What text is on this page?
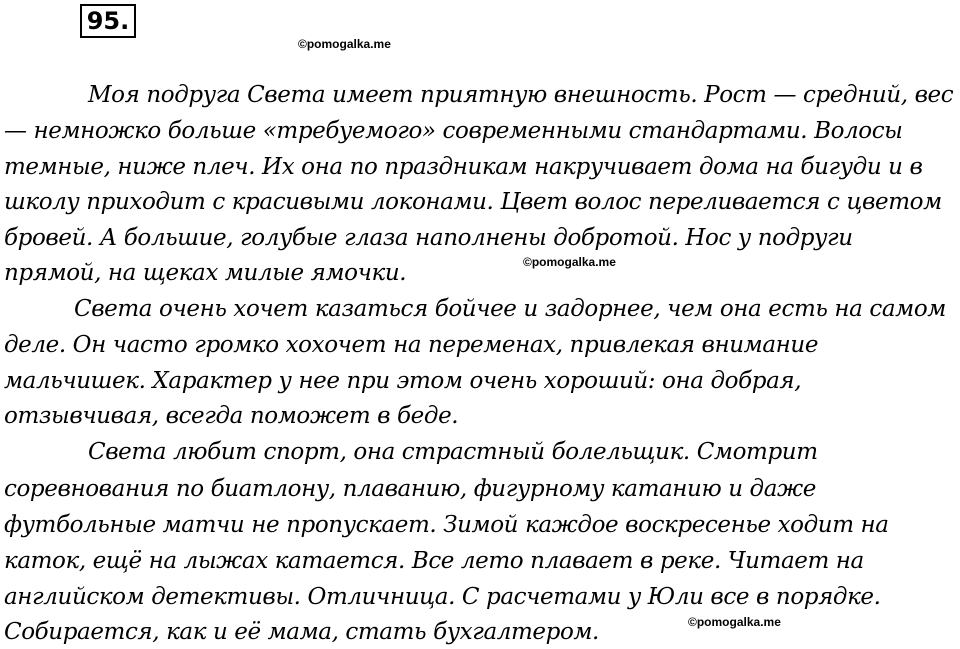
95.
©pomogalka.me
©pomogalka.me
©pomogalka.me
Моя подруга Света имеет приятную внешность. Рост — средний, вес
— немножко больше «требуемого» современными стандартами. Волосы
темные, ниже плеч. Их она по праздникам накручивает дома на бигуди и в
школу приходит с красивыми локонами. Цвет волос переливается с цветом
бровей. А большие, голубые глаза наполнены добротой. Нос у подруги
прямой, на щеках милые ямочки.
Света очень хочет казаться бойчее и задорнее, чем она есть на самом
деле. Он часто громко хохочет на переменах, привлекая внимание
мальчишек. Характер у нее при этом очень хороший: она добрая,
отзывчивая, всегда поможет в беде.
Света любит спорт, она страстный болельщик. Смотрит
соревнования по биатлону, плаванию, фигурному катанию и даже
футбольные матчи не пропускает. Зимой каждое воскресенье ходит на
каток, ещё на лыжах катается. Все лето плавает в реке. Читает на
английском детективы. Отличница. С расчетами у Юли все в порядке.
Собирается, как и её мама, стать бухгалтером.
